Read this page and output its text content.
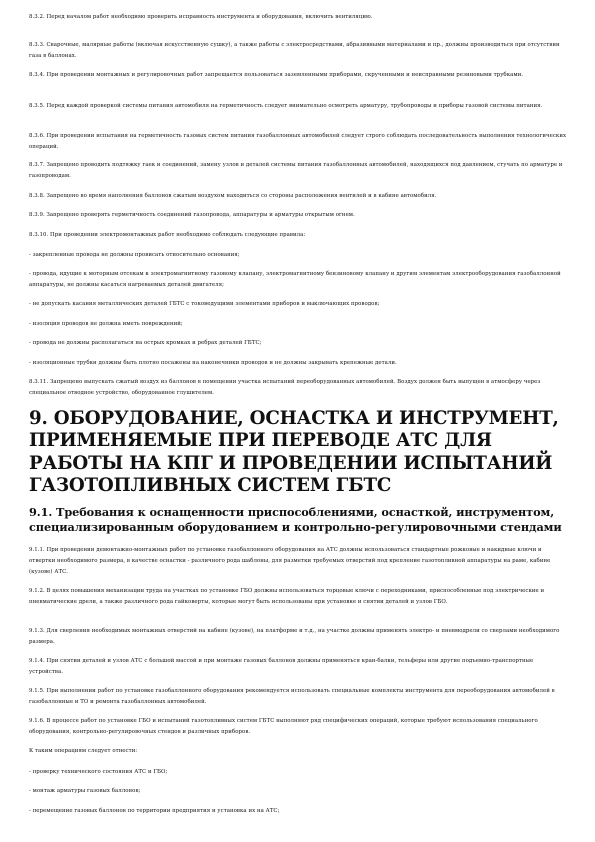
8.3.2. Перед началом работ необходимо проверить исправность инструмента и оборудования, включить вентиляцию.
8.3.3. Сварочные, малярные работы (включая искусственную сушку), а также работы с электросредствами, абразивными материалами и пр., должны производиться при отсутствии газа в баллонах.
8.3.4. При проведении монтажных и регулировочных работ запрещается пользоваться заземленными приборами, скрученными и неисправными резиновыми трубками.
8.3.5. Перед каждой проверкой системы питания автомобиля на герметичность следует внимательно осмотреть арматуру, трубопроводы и приборы газовой системы питания.
8.3.6. При проведении испытания на герметичность газовых систем питания газобаллонных автомобилей следует строго соблюдать последовательность выполнения технологических операций.
8.3.7. Запрещено проводить подтяжку гаек и соединений, замену узлов и деталей системы питания газобаллонных автомобилей, находящихся под давлением, стучать по арматуре и газопроводам.
8.3.8. Запрещено во время наполнения баллонов сжатым воздухом находиться со стороны расположения вентилей и в кабине автомобиля.
8.3.9. Запрещено проверять герметичность соединений газопровода, аппаратуры и арматуры открытым огнем.
8.3.10. При проведении электромонтажных работ необходимо соблюдать следующие правила:
- закрепленные провода не должны провисать относительно основания;
- провода, идущие к моторным отсекам к электромагнитному газовому клапану, электромагнитному бензиновому клапану и другим элементам электрооборудования газобаллонной аппаратуры, не должны касаться нагреваемых деталей двигателя;
- не допускать касания металлических деталей ГБТС с токоведущими элементами приборов и выключающих проводов;
- изоляция проводов не должна иметь повреждений;
- провода не должны располагаться на острых кромках и ребрах деталей ГБТС;
- изоляционные трубки должны быть плотно посажены на наконечники проводов и не должны закрывать крепежные детали.
8.3.11. Запрещено выпускать сжатый воздух из баллонов в помещении участка испытаний переоборудованных автомобилей. Воздух должен быть выпущен в атмосферу через специальное отводное устройство, оборудованное глушителем.
9. ОБОРУДОВАНИЕ, ОСНАСТКА И ИНСТРУМЕНТ, ПРИМЕНЯЕМЫЕ ПРИ ПЕРЕВОДЕ АТС ДЛЯ РАБОТЫ НА КПГ И ПРОВЕДЕНИИ ИСПЫТАНИЙ ГАЗОТОПЛИВНЫХ СИСТЕМ ГБТС
9.1. Требования к оснащенности приспособлениями, оснасткой, инструментом, специализированным оборудованием и контрольно-регулировочными стендами
9.1.1. При проведении демонтажно-монтажных работ по установке газобаллонного оборудования на АТС должны использоваться стандартные рожковые и накидные ключи и отвертки необходимого размера, в качестве оснастки - различного рода шаблоны, для разметки требуемых отверстий под крепление газотопливной аппаратуры на раме, кабине (кузове) АТС.
9.1.2. В целях повышения механизации труда на участках по установке ГБО должны использоваться торцовые ключи с переходниками, приспособленные под электрические и пневматические дрели, а также различного рода гайковерты, которые могут быть использованы при установке и снятии деталей и узлов ГБО.
9.1.3. Для сверления необходимых монтажных отверстий на кабине (кузове), на платформе и т.д., на участке должны применять электро- и пневмодрели со сверлами необходимого размера.
9.1.4. При снятии деталей и узлов АТС с большой массой и при монтаже газовых баллонов должны применяться кран-балки, тельферы или другие подъемно-транспортные устройства.
9.1.5. При выполнении работ по установке газобаллонного оборудования рекомендуется использовать специальные комплекты инструмента для переоборудования автомобилей в газобаллонные и ТО и ремонта газобаллонных автомобилей.
9.1.6. В процессе работ по установке ГБО и испытаний газотопливных систем ГБТС выполняют ряд специфических операций, которые требуют использования специального оборудования, контрольно-регулировочных стендов и различных приборов.
К таким операциям следует отнести:
- проверку технического состояния АТС и ГБО;
- монтаж арматуры газовых баллонов;
- перемещение газовых баллонов по территории предприятия и установка их на АТС;
